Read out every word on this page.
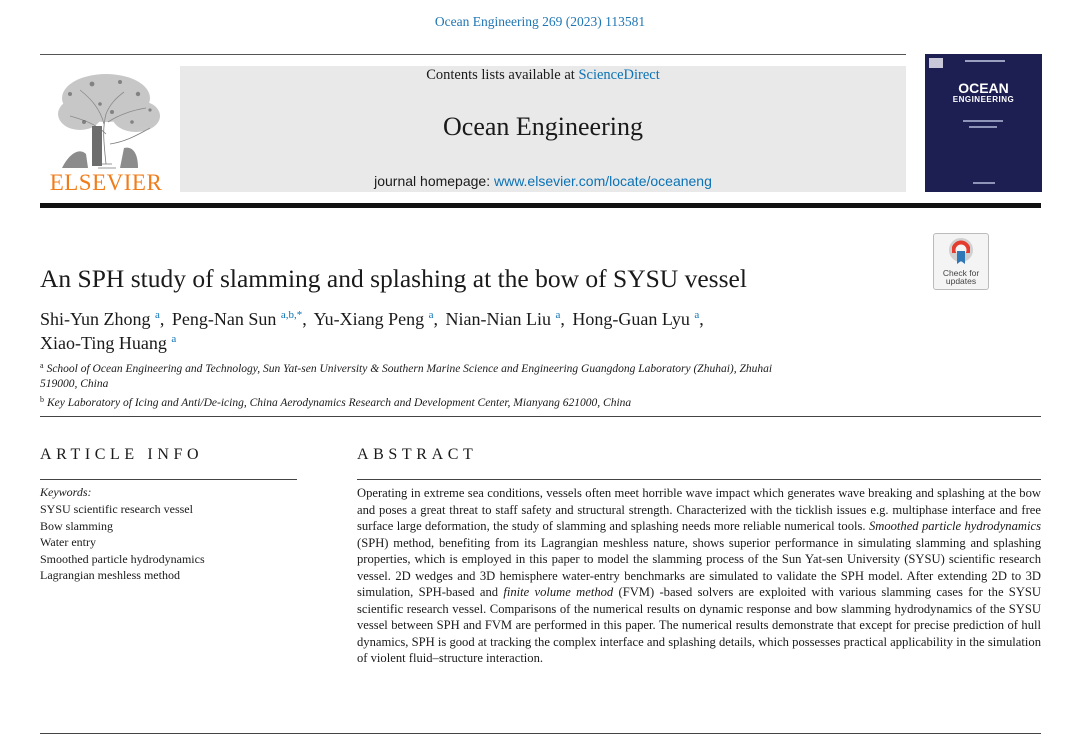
Ocean Engineering 269 (2023) 113581
ELSEVIER
Contents lists available at ScienceDirect
Ocean Engineering
journal homepage: www.elsevier.com/locate/oceaneng
OCEAN
ENGINEERING
Check for
updates
An SPH study of slamming and splashing at the bow of SYSU vessel
Shi-Yun Zhong $^a$, Peng-Nan Sun $^{a,b,*}$, Yu-Xiang Peng $^a$, Nian-Nian Liu $^a$, Hong-Guan Lyu $^a$,
Xiao-Ting Huang $^a$
$^a$ School of Ocean Engineering and Technology, Sun Yat-sen University & Southern Marine Science and Engineering Guangdong Laboratory (Zhuhai), Zhuhai 519000, China
$^b$ Key Laboratory of Icing and Anti/De-icing, China Aerodynamics Research and Development Center, Mianyang 621000, China
ARTICLE INFO
Keywords:
SYSU scientific research vessel
Bow slamming
Water entry
Smoothed particle hydrodynamics
Lagrangian meshless method
ABSTRACT
Operating in extreme sea conditions, vessels often meet horrible wave impact which generates wave breaking and splashing at the bow and poses a great threat to staff safety and structural strength. Characterized with the ticklish issues e.g. multiphase interface and free surface large deformation, the study of slamming and splashing needs more reliable numerical tools. Smoothed particle hydrodynamics (SPH) method, benefiting from its Lagrangian meshless nature, shows superior performance in simulating slamming and splashing properties, which is employed in this paper to model the slamming process of the Sun Yat-sen University (SYSU) scientific research vessel. 2D wedges and 3D hemisphere water-entry benchmarks are simulated to validate the SPH model. After extending 2D to 3D simulation, SPH-based and finite volume method (FVM) -based solvers are exploited with various slamming cases for the SYSU scientific research vessel. Comparisons of the numerical results on dynamic response and bow slamming hydrodynamics of the SYSU vessel between SPH and FVM are performed in this paper. The numerical results demonstrate that except for precise prediction of hull dynamics, SPH is good at tracking the complex interface and splashing details, which possesses practical applicability in the simulation of violent fluid–structure interaction.
